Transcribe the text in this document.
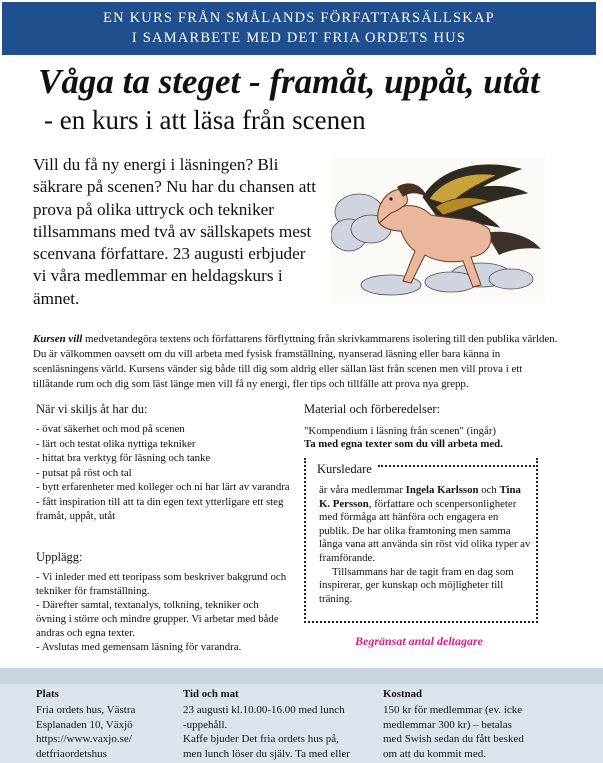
EN KURS FRÅN SMÅLANDS FÖRFATTARSÄLLSKAP
I SAMARBETE MED DET FRIA ORDETS HUS
Våga ta steget - framåt, uppåt, utåt
- en kurs i att läsa från scenen
Vill du få ny energi i läsningen? Bli säkrare på scenen? Nu har du chansen att prova på olika uttryck och tekniker tillsammans med två av sällskapets mest scenvana författare. 23 augusti erbjuder vi våra medlemmar en heldagskurs i ämnet.
Kursen vill medvetandegöra textens och författarens förflyttning från skrivkammarens isolering till den publika världen. Du är välkommen oavsett om du vill arbeta med fysisk framställning, nyanserad läsning eller bara känna in scenläsningens värld. Kursens vänder sig både till dig som aldrig eller sällan läst från scenen men vill prova i ett tillåtande rum och dig som läst länge men vill få ny energi, fler tips och tillfälle att prova nya grepp.
När vi skiljs åt har du:
- övat säkerhet och mod på scenen
- lärt och testat olika nyttiga tekniker
- hittat bra verktyg för läsning och tanke
- putsat på röst och tal
- bytt erfarenheter med kolleger och ni har lärt av varandra
- fått inspiration till att ta din egen text ytterligare ett steg framåt, uppåt, utåt
Upplägg:
- Vi inleder med ett teoripass som beskriver bakgrund och tekniker för framställning.
- Därefter samtal, textanalys, tolkning, tekniker och övning i större och mindre grupper. Vi arbetar med både andras och egna texter.
- Avslutas med gemensam läsning för varandra.
Material och förberedelser:
"Kompendium i läsning från scenen" (ingår)
Ta med egna texter som du vill arbeta med.
Kursledare
är våra medlemmar Ingela Karlsson och Tina K. Persson, författare och scenpersonligheter med förmåga att hänföra och engagera en publik. De har olika framtoning men samma långa vana att använda sin röst vid olika typer av framförande.
Tillsammans har de tagit fram en dag som inspirerar, ger kunskap och möjligheter till träning.
Begränsat antal deltagare
Plats
Fria ordets hus, Västra
Esplanaden 10, Växjö
https://www.vaxjo.se/
detfriaordetshus
Tid och mat
23 augusti kl.10.00-16.00 med lunch
-uppehåll.
Kaffe bjuder Det fria ordets hus på,
men lunch löser du själv. Ta med eller
Kostnad
150 kr för medlemmar (ev. icke
medlemmar 300 kr) – betalas
med Swish sedan du fått besked
om att du kommit med.
